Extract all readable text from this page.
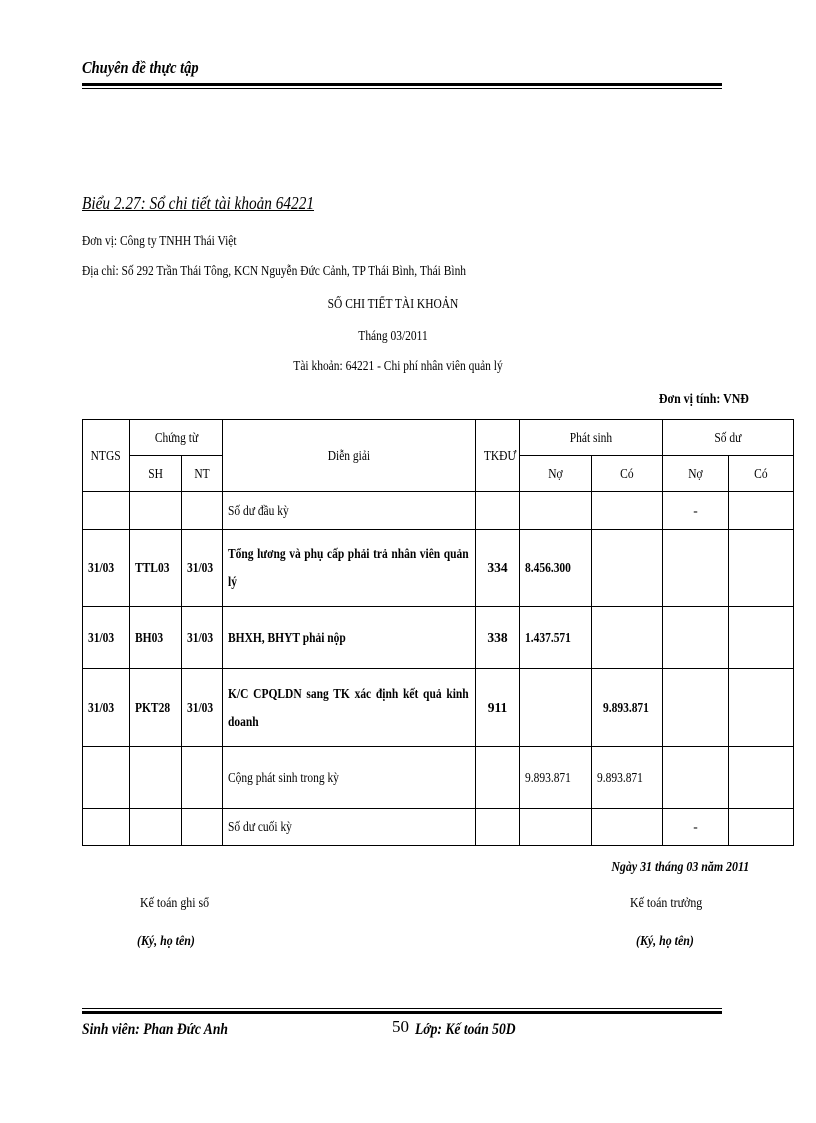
Chuyên đề thực tập
Biểu 2.27: Sổ chi tiết tài khoản 64221
Đơn vị: Công ty TNHH Thái Việt
Địa chỉ: Số 292 Trần Thái Tông, KCN Nguyễn Đức Cảnh, TP Thái Bình, Thái Bình
SỔ CHI TIẾT TÀI KHOẢN
Tháng 03/2011
Tài khoản: 64221 - Chi phí nhân viên quản lý
Đơn vị tính: VNĐ
NTGS	Chứng từ		Diễn giải	TKĐƯ	Phát sinh		Số dư	
	SH	NT			Nợ	Có	Nợ	Có
			Số dư đầu kỳ				-	
31/03	TTL03	31/03	Tổng lương và phụ cấp phải trả nhân viên quản lý	334	8.456.300			
31/03	BH03	31/03	BHXH, BHYT phải nộp	338	1.437.571			
31/03	PKT28	31/03	K/C CPQLDN sang TK xác định kết quả kinh doanh	911		9.893.871		
			Cộng phát sinh trong kỳ		9.893.871	9.893.871		
			Số dư cuối kỳ				-	
Ngày 31 tháng 03 năm 2011
Kế toán ghi sổ
(Ký, họ tên)
Kế toán trưởng
(Ký, họ tên)
Sinh viên: Phan Đức Anh	50 Lớp: Kế toán 50D
